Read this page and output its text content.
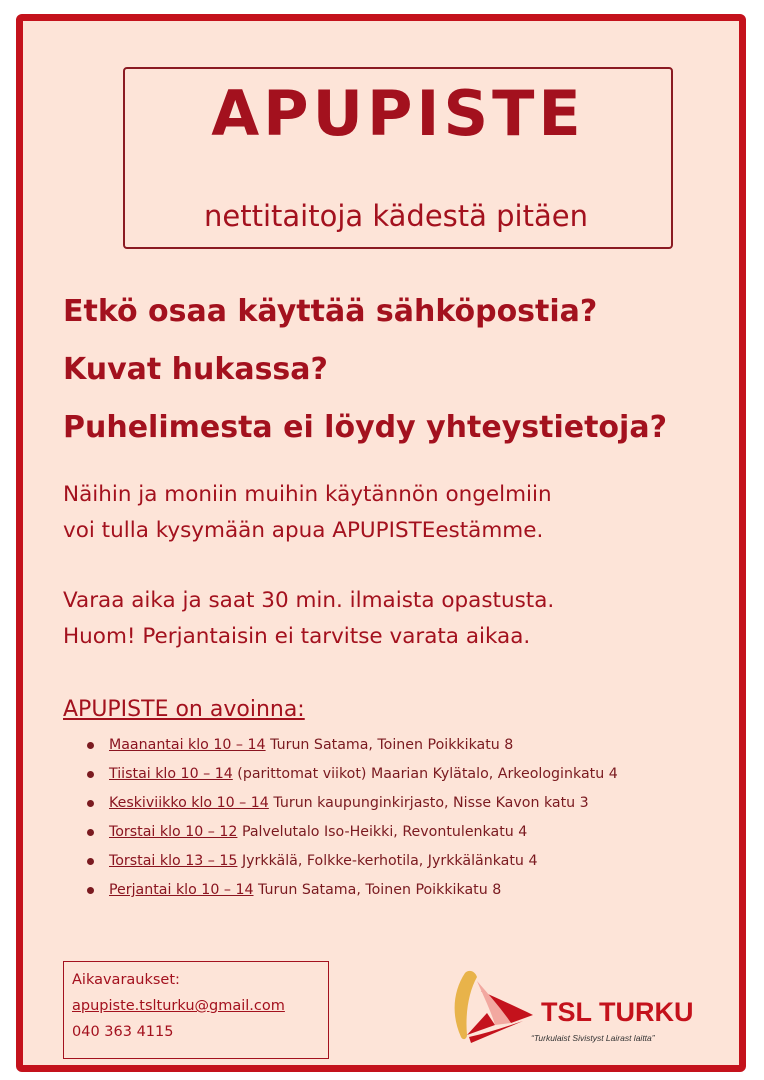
APUPISTE
nettitaitoja kädestä pitäen
Etkö osaa käyttää sähköpostia?
Kuvat hukassa?
Puhelimesta ei löydy yhteystietoja?
Näihin ja moniin muihin käytännön ongelmiin
voi tulla kysymään apua APUPISTEestämme.
Varaa aika ja saat 30 min. ilmaista opastusta.
Huom! Perjantaisin ei tarvitse varata aikaa.
APUPISTE on avoinna:
Maanantai klo 10 – 14 Turun Satama, Toinen Poikkikatu 8
Tiistai klo 10 – 14 (parittomat viikot) Maarian Kylätalo, Arkeologinkatu 4
Keskiviikko klo 10 – 14 Turun kaupunginkirjasto, Nisse Kavon katu 3
Torstai klo 10 – 12 Palvelutalo Iso-Heikki, Revontulenkatu 4
Torstai klo 13 – 15 Jyrkkälä, Folkke-kerhotila, Jyrkkälänkatu 4
Perjantai klo 10 – 14 Turun Satama, Toinen Poikkikatu 8
Aikavaraukset:
apupiste.tslturku@gmail.com
040 363 4115
TSL TURKU
“Turkulaist Sivistyst Lairast laitta”
